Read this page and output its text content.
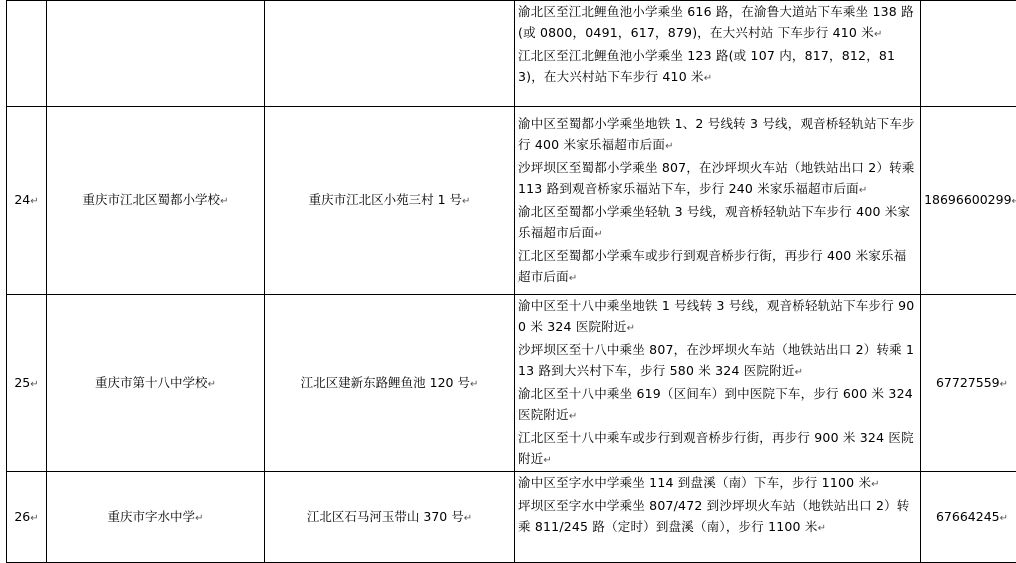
			渝北区至江北鲤鱼池小学乘坐 616 路，在渝鲁大道站下车乘坐 138 路(或 0800，0491，617，879)，在大兴村站 下车步行 410 米 ↵
江北区至江北鲤鱼池小学乘坐 123 路(或 107 内，817，812，813)，在大兴村站下车步行 410 米 ↵

24 ↵	重庆市江北区蜀都小学校 ↵	重庆市江北区小苑三村 1 号 ↵	渝中区至蜀都小学乘坐地铁 1、2 号线转 3 号线，观音桥轻轨站下车步行 400 米家乐福超市后面 ↵
沙坪坝区至蜀都小学乘坐 807，在沙坪坝火车站（地铁站出口 2）转乘 113 路到观音桥家乐福站下车，步行 240 米家乐福超市后面 ↵
渝北区至蜀都小学乘坐轻轨 3 号线，观音桥轻轨站下车步行 400 米家乐福超市后面 ↵
江北区至蜀都小学乘车或步行到观音桥步行街，再步行 400 米家乐福超市后面 ↵	18696600299 ↵
25 ↵	重庆市第十八中学校 ↵	江北区建新东路鲤鱼池 120 号 ↵	渝中区至十八中乘坐地铁 1 号线转 3 号线，观音桥轻轨站下车步行 900 米 324 医院附近 ↵
沙坪坝区至十八中乘坐 807，在沙坪坝火车站（地铁站出口 2）转乘 113 路到大兴村下车，步行 580 米 324 医院附近 ↵
渝北区至十八中乘坐 619（区间车）到中医院下车，步行 600 米 324 医院附近 ↵
江北区至十八中乘车或步行到观音桥步行街，再步行 900 米 324 医院附近 ↵	67727559 ↵
26 ↵	重庆市字水中学 ↵	江北区石马河玉带山 370 号 ↵	渝中区至字水中学乘坐 114 到盘溪（南）下车，步行 1100 米 ↵
坪坝区至字水中学乘坐 807/472 到沙坪坝火车站（地铁站出口 2）转乘 811/245 路（定时）到盘溪（南），步行 1100 米 ↵	67664245 ↵
